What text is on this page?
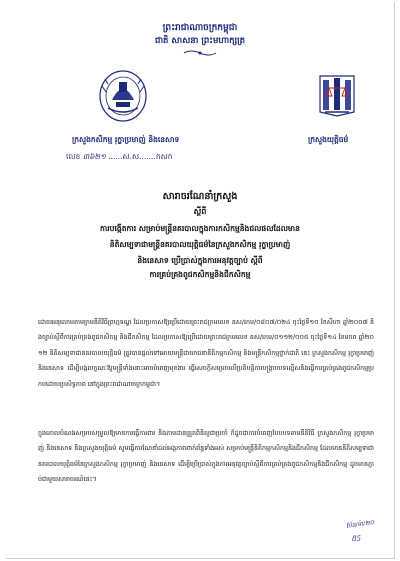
ព្រះរាជាណាចក្រកម្ពុជា
ជាតិ សាសនា ព្រះមហាក្សត្រ
ក្រសួងកសិកម្ម រុក្ខាប្រមាញ់ និងនេសាទ	ក្រសួងយុត្តិធម៌
លេខ ៣៦២១ ......ស.ស.......កសក
សារាចរណែនាំក្រសួង
ស្តីពី
ការបង្កើតការ សម្រាប់មន្ត្រីនគរបាលក្នុងការកសិកម្មនិងជលផលដែលមាន
និតិសម្បទាជាមន្ត្រីនគរបាលយុត្តិធម៌នៃក្រសួងកសិកម្ម រុក្ខាប្រមាញ់
និងនេសាទ ប្រើប្រាស់ក្នុងការអនុវត្តច្បាប់ ស្តីពី
ការគ្រប់គ្រងពូជកសិកម្មនិងជីកសិកម្ម
ដោយអនុលោមតាមក្រមនីតិវិធីព្រហ្មទណ្ឌ ដែលប្រកាសឱ្យប្រើដោយព្រះរាជក្រមលេខ នស/រកម/០៨០៧/០២៤ ចុះថ្ងៃទី១០ ខែសីហា ឆ្នាំ២០០៧ និងច្បាប់ស្តីពីការគ្រប់គ្រងពូជកសិកម្ម និងជីកសិកម្ម ដែលប្រកាសឱ្យប្រើដោយព្រះរាជក្រមលេខ នស/រកម/០១១២/០០៥ ចុះថ្ងៃទី១៤ ខែមករា ឆ្នាំ២០១២ និតិសម្បទាជានគរបាលយុត្តិធម៌ ត្រូវបានផ្តល់ទៅអោយមន្ត្រីជាយាជនានីតិកម្មកសិកម្ម និងមន្ត្រីកសិកម្មថ្នាក់ជាតិ នេះ ក្រសួងកសិកម្ម រុក្ខាប្រមាញ់ និងនេសាទ ដើម្បីបង្កលក្ខណៈឱ្យមន្ត្រីទាំងនោះអាចបំពេញមុខងារ ធ្វើសេចក្តីសម្រេចលើប្រតិបត្តិការបង្ក្រាបបទល្មើសនិងធ្វើការគ្រប់គ្រងពូជកសិកម្មប្រកបដោយប្រសិទ្ធភាព នៅក្នុងព្រះរាជាណាចក្រកម្ពុជា។
ក្នុងគោលបំណងសម្របសម្រួលឱ្យមានការធ្វើការពារ និងតាមដានត្រួតពិនិត្យជាប្រចាំ ក៏ដូចជាការបំពេញបែបបទតាមនីតិវិធី ក្រសួងកសិកម្ម រុក្ខាប្រមាញ់ និងនេសាទ និងក្រសួងយុត្តិធម៌ សូមធ្វើការណែនាំដល់អង្គភាពពាក់ព័ន្ធទាំងអស់ សម្រាប់មន្ត្រីនិតិកម្មកសិកម្មនិងជីកសិកម្ម ដែលមាននីតិសម្បទាជានគរបាលយុត្តិធម៌នៃក្រសួងកសិកម្ម រុក្ខាប្រមាញ់ និងនេសាទ ដើម្បីប្រើប្រាស់ក្នុងការអនុវត្តច្បាប់ស្តីពីការគ្រប់គ្រងពូជកសិកម្មនិងជីកសិកម្ម ដូចមានភ្ជាប់ជាមួយសារាចរណ៍នេះ។
ប៉ែន/ម៉ា/២០
85
